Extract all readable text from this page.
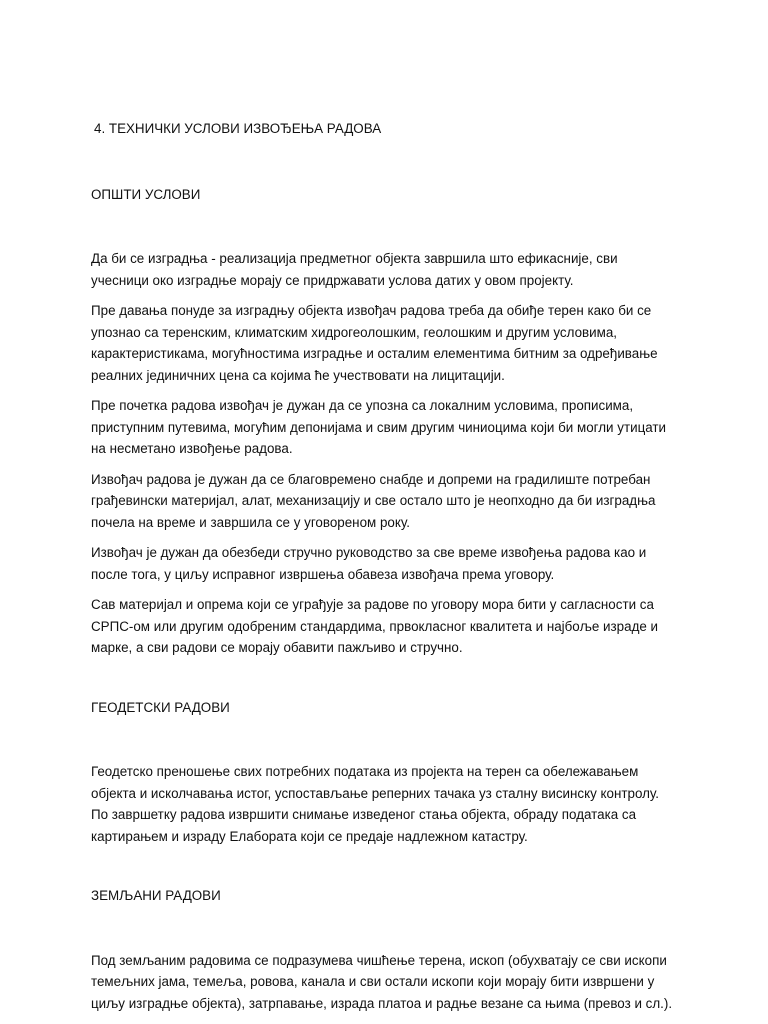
4. ТЕХНИЧКИ УСЛОВИ ИЗВОЂЕЊА РАДОВА

ОПШТИ УСЛОВИ

Да би се изградња - реализација предметног објекта завршила што ефикасније, сви учесници око изградње морају се придржавати услова датих у овом пројекту.

Пре давања понуде за изградњу објекта извођач радова треба да обиђе терен како би се упознао са теренским, климатским хидрогеолошким, геолошким и другим условима, карактеристикама, могућностима изградње и осталим елементима битним за одређивање реалних јединичних цена са којима ће учествовати на лицитацији.

Пре почетка радова извођач је дужан да се упозна са локалним условима, прописима, приступним путевима, могућим депонијама и свим другим чиниоцима који би могли утицати на несметано извођење радова.

Извођач радова је дужан да се благовремено снабде и допреми на градилиште потребан грађевински материјал, алат, механизацију и све остало што је неопходно да би изградња почела на време и завршила се у уговореном року.

Извођач је дужан да обезбеди стручно руководство за све време извођења радова као и после тога, у циљу исправног извршења обавеза извођача према уговору.

Сав материјал и опрема који се уграђује за радове по уговору мора бити у сагласности са СРПС-ом или другим одобреним стандардима, првокласног квалитета и најбоље израде и марке, а сви радови се морају обавити пажљиво и стручно.

ГЕОДЕТСКИ РАДОВИ

Геодетско преношење свих потребних података из пројекта на терен са обележавањем објекта и исколчавања истог, успостављање реперних тачака уз сталну висинску контролу. По завршетку радова извршити снимање изведеног стања објекта, обраду података са картирањем и израду Елабората који се предаје надлежном катастру.

ЗЕМЉАНИ РАДОВИ

Под земљаним радовима се подразумева чишћење терена, ископ (обухватају се сви ископи темељних јама, темеља, ровова, канала и сви остали ископи који морају бити извршени у циљу изградње објекта), затрпавање, израда платоа и радње везане са њима (превоз и сл.).
